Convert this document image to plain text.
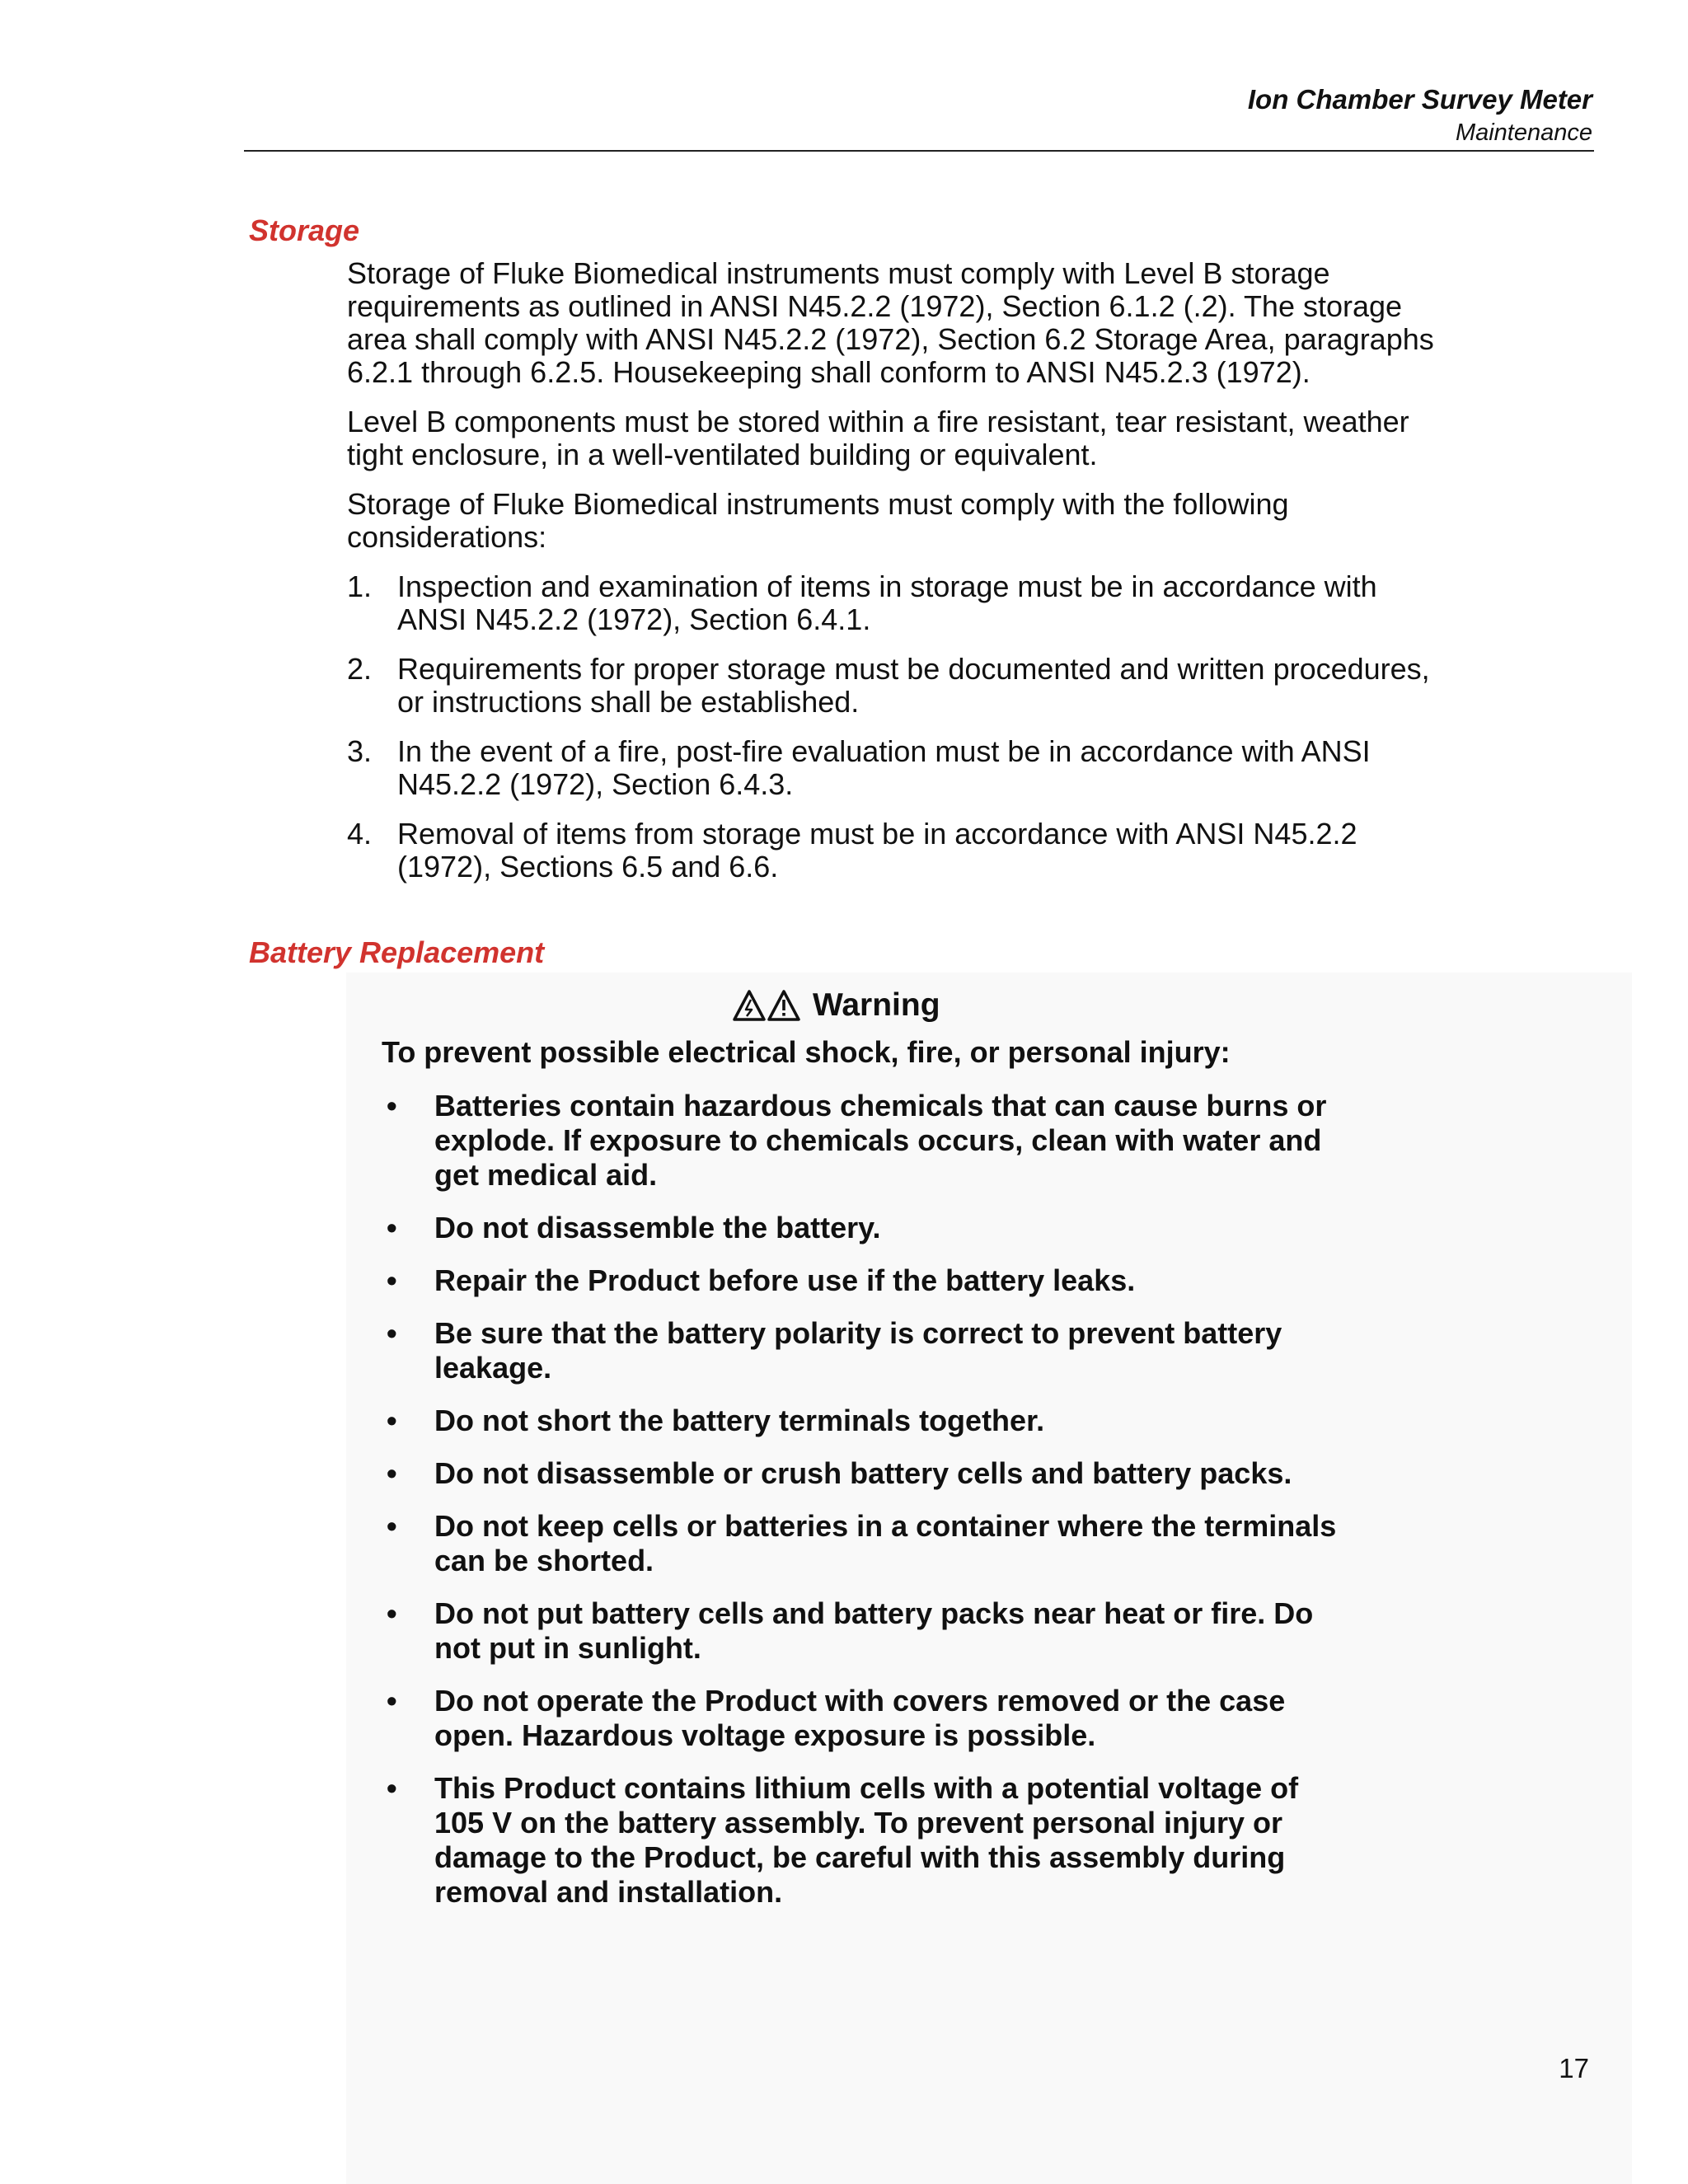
Ion Chamber Survey Meter
Maintenance
Storage

Storage of Fluke Biomedical instruments must comply with Level B storage requirements as outlined in ANSI N45.2.2 (1972), Section 6.1.2 (.2). The storage area shall comply with ANSI N45.2.2 (1972), Section 6.2 Storage Area, paragraphs 6.2.1 through 6.2.5. Housekeeping shall conform to ANSI N45.2.3 (1972).

Level B components must be stored within a fire resistant, tear resistant, weather tight enclosure, in a well-ventilated building or equivalent.

Storage of Fluke Biomedical instruments must comply with the following considerations:

1. Inspection and examination of items in storage must be in accordance with ANSI N45.2.2 (1972), Section 6.4.1.
2. Requirements for proper storage must be documented and written procedures, or instructions shall be established.
3. In the event of a fire, post-fire evaluation must be in accordance with ANSI N45.2.2 (1972), Section 6.4.3.
4. Removal of items from storage must be in accordance with ANSI N45.2.2 (1972), Sections 6.5 and 6.6.
Battery Replacement
Warning
To prevent possible electrical shock, fire, or personal injury:
•	Batteries contain hazardous chemicals that can cause burns or explode. If exposure to chemicals occurs, clean with water and get medical aid.
•	Do not disassemble the battery.
•	Repair the Product before use if the battery leaks.
•	Be sure that the battery polarity is correct to prevent battery leakage.
•	Do not short the battery terminals together.
•	Do not disassemble or crush battery cells and battery packs.
•	Do not keep cells or batteries in a container where the terminals can be shorted.
•	Do not put battery cells and battery packs near heat or fire. Do not put in sunlight.
•	Do not operate the Product with covers removed or the case open. Hazardous voltage exposure is possible.
•	This Product contains lithium cells with a potential voltage of 105 V on the battery assembly. To prevent personal injury or damage to the Product, be careful with this assembly during removal and installation.
17
